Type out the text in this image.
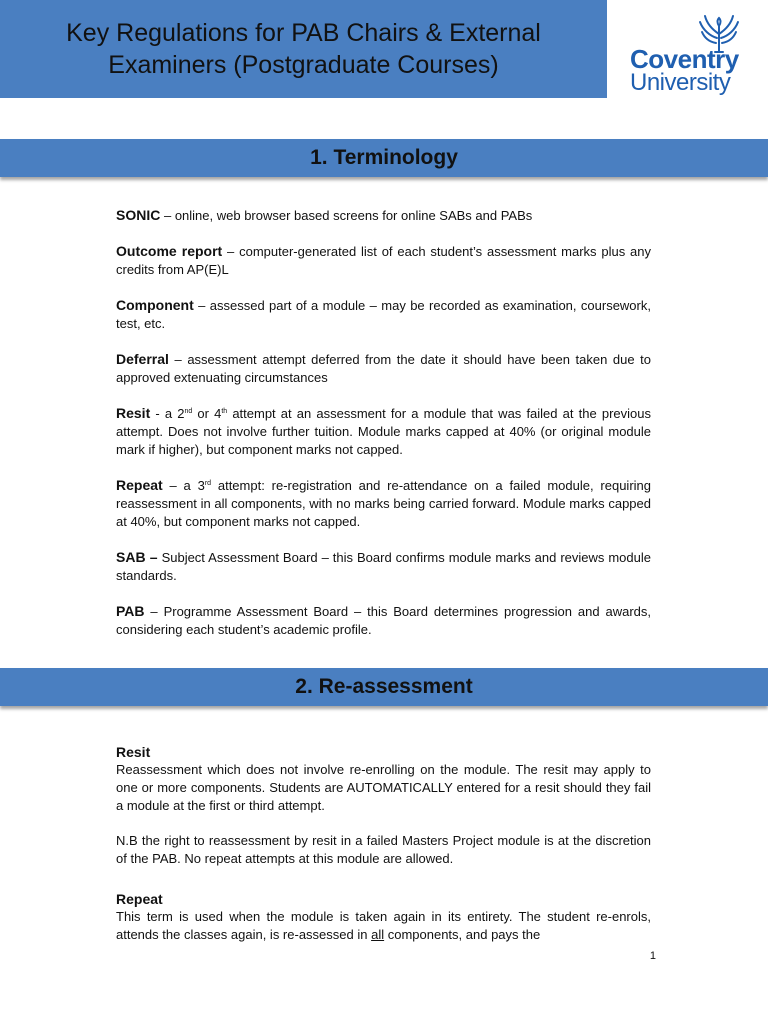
Key Regulations for PAB Chairs & External Examiners (Postgraduate Courses)	Coventry
University
1. Terminology

SONIC – online, web browser based screens for online SABs and PABs

Outcome report – computer-generated list of each student’s assessment marks plus any credits from AP(E)L

Component – assessed part of a module – may be recorded as examination, coursework, test, etc.

Deferral – assessment attempt deferred from the date it should have been taken due to approved extenuating circumstances

Resit - a 2nd or 4th attempt at an assessment for a module that was failed at the previous attempt. Does not involve further tuition. Module marks capped at 40% (or original module mark if higher), but component marks not capped.

Repeat – a 3rd attempt: re-registration and re-attendance on a failed module, requiring reassessment in all components, with no marks being carried forward. Module marks capped at 40%, but component marks not capped.

SAB – Subject Assessment Board – this Board confirms module marks and reviews module standards.

PAB – Programme Assessment Board – this Board determines progression and awards, considering each student’s academic profile.

2. Re-assessment

Resit

Reassessment which does not involve re-enrolling on the module. The resit may apply to one or more components. Students are AUTOMATICALLY entered for a resit should they fail a module at the first or third attempt.

N.B the right to reassessment by resit in a failed Masters Project module is at the discretion of the PAB. No repeat attempts at this module are allowed.

Repeat

This term is used when the module is taken again in its entirety. The student re-enrols, attends the classes again, is re-assessed in all components, and pays the

1
